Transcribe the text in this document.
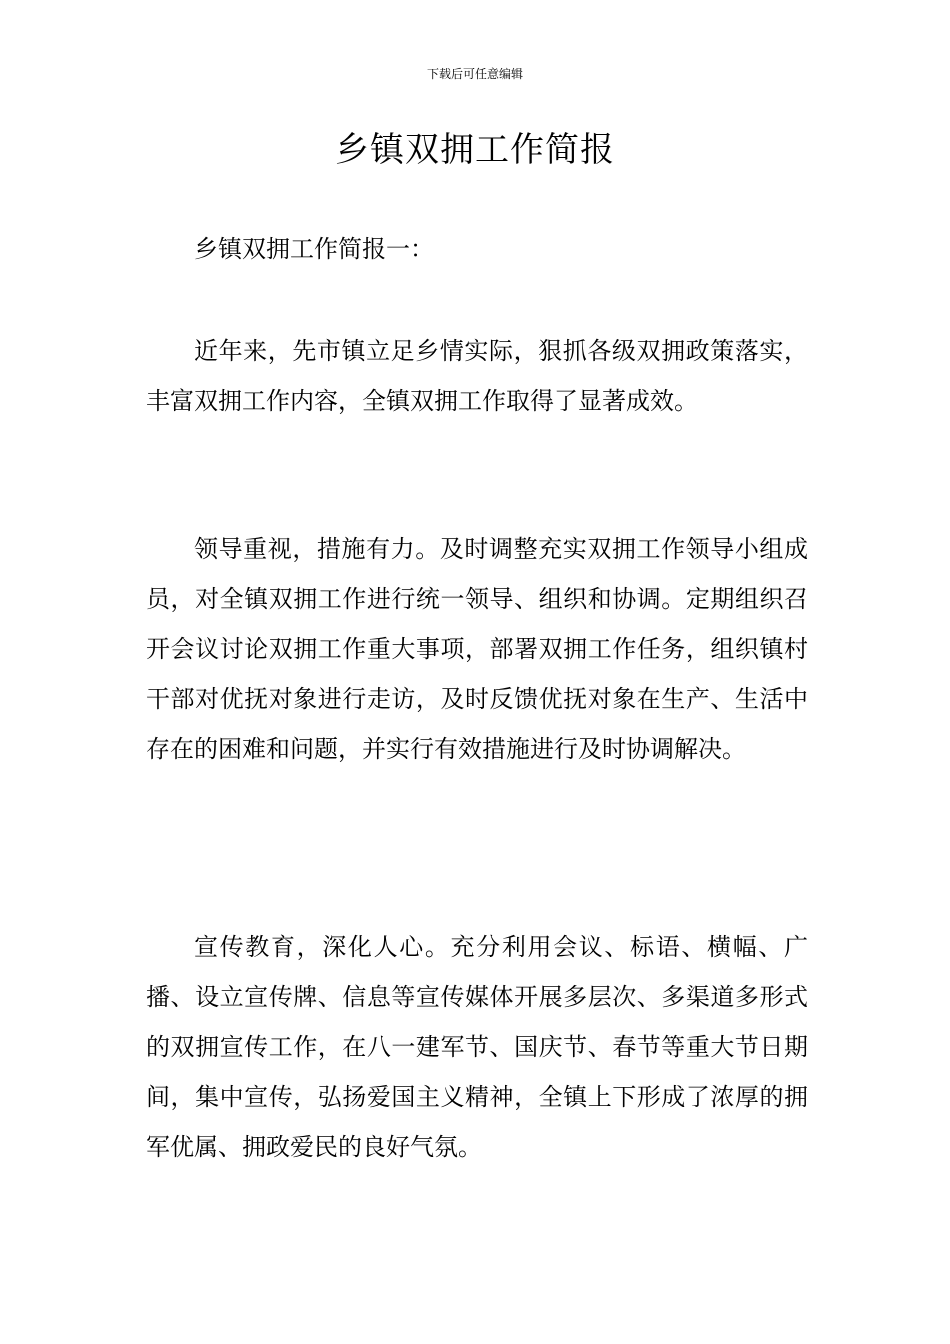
下载后可任意编辑
乡镇双拥工作简报

乡镇双拥工作简报一：

近年来，先市镇立足乡情实际，狠抓各级双拥政策落实，丰富双拥工作内容，全镇双拥工作取得了显著成效。

领导重视，措施有力。及时调整充实双拥工作领导小组成员，对全镇双拥工作进行统一领导、组织和协调。定期组织召开会议讨论双拥工作重大事项，部署双拥工作任务，组织镇村干部对优抚对象进行走访，及时反馈优抚对象在生产、生活中存在的困难和问题，并实行有效措施进行及时协调解决。

宣传教育，深化人心。充分利用会议、标语、横幅、广播、设立宣传牌、信息等宣传媒体开展多层次、多渠道多形式的双拥宣传工作，在八一建军节、国庆节、春节等重大节日期间，集中宣传，弘扬爱国主义精神，全镇上下形成了浓厚的拥军优属、拥政爱民的良好气氛。
